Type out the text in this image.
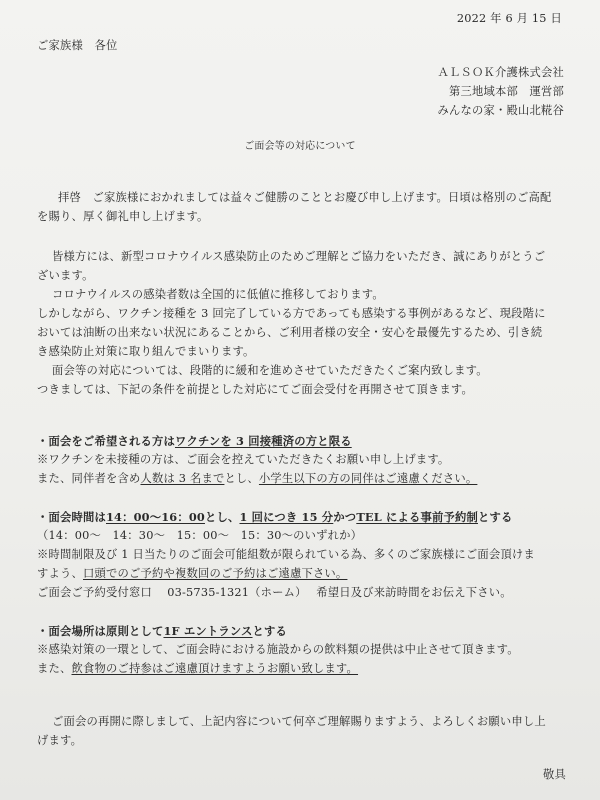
2022 年 6 月 15 日
ご家族様　各位
ＡＬＳＯＫ介護株式会社
第三地域本部　運営部
みんなの家・殿山北糀谷
ご面会等の対応について
拝啓　ご家族様におかれましては益々ご健勝のこととお慶び申し上げます。日頃は格別のご高配
を賜り、厚く御礼申し上げます。
皆様方には、新型コロナウイルス感染防止のためご理解とご協力をいただき、誠にありがとうご
ざいます。
コロナウイルスの感染者数は全国的に低値に推移しております。
しかしながら、ワクチン接種を 3 回完了している方であっても感染する事例があるなど、現段階に
おいては油断の出来ない状況にあることから、ご利用者様の安全・安心を最優先するため、引き続
き感染防止対策に取り組んでまいります。
面会等の対応については、段階的に緩和を進めさせていただきたくご案内致します。
つきましては、下記の条件を前提とした対応にてご面会受付を再開させて頂きます。
・面会をご希望される方はワクチンを 3 回接種済の方と限る
※ワクチンを未接種の方は、ご面会を控えていただきたくお願い申し上げます。
また、同伴者を含め人数は 3 名までとし、小学生以下の方の同伴はご遠慮ください。
・面会時間は14：00～16：00とし、1 回につき 15 分かつTEL による事前予約制とする
（14：00～　14：30～　15：00～　15：30～のいずれか）
※時間制限及び 1 日当たりのご面会可能組数が限られている為、多くのご家族様にご面会頂けま
すよう、口頭でのご予約や複数回のご予約はご遠慮下さい。
ご面会ご予約受付窓口　 03-5735-1321（ホーム）　 希望日及び来訪時間をお伝え下さい。
・面会場所は原則として1F エントランスとする
※感染対策の一環として、ご面会時における施設からの飲料類の提供は中止させて頂きます。
また、飲食物のご持参はご遠慮頂けますようお願い致します。
ご面会の再開に際しまして、上記内容について何卒ご理解賜りますよう、よろしくお願い申し上
げます。
敬具
